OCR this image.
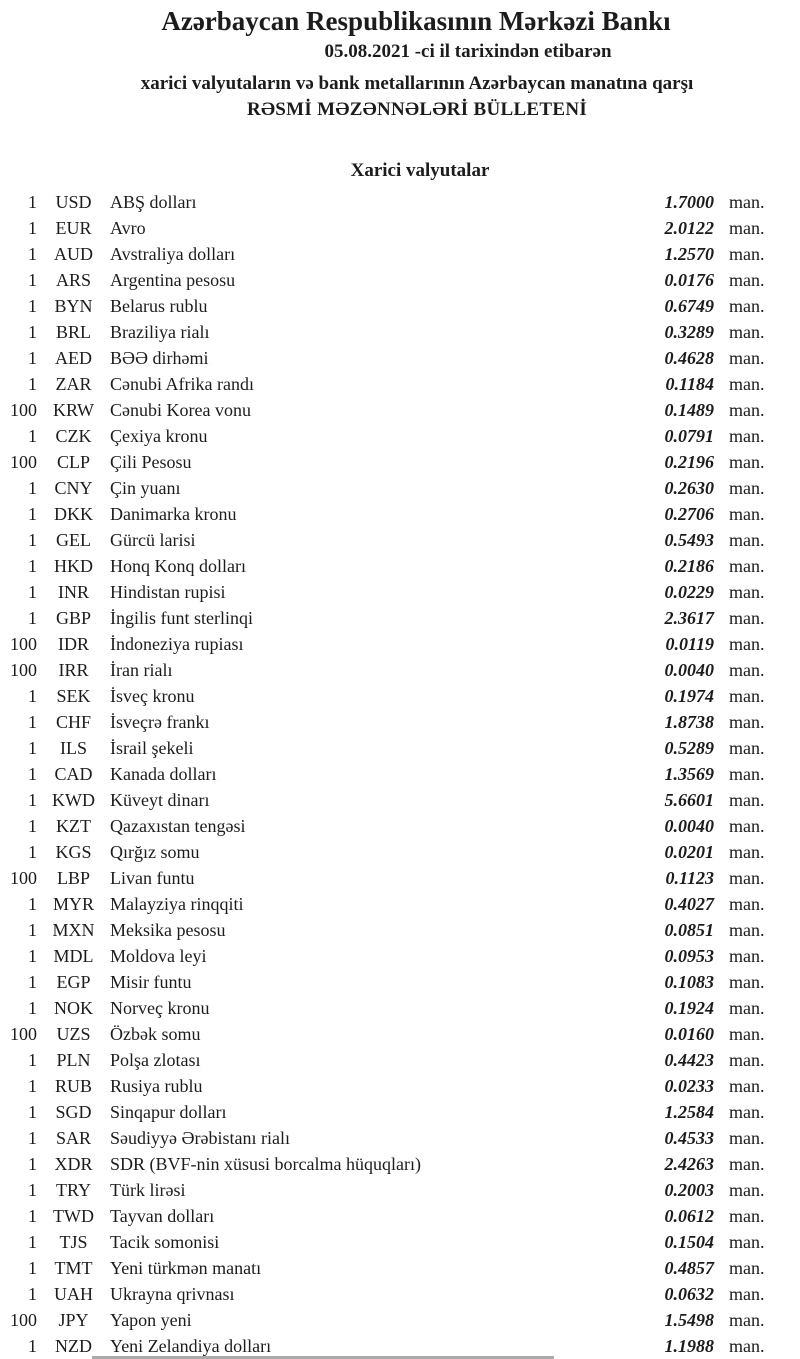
Azərbaycan Respublikasının Mərkəzi Bankı
05.08.2021 -ci il tarixindən etibarən
xarici valyutaların və bank metallarının Azərbaycan manatına qarşı
RƏSMİ MƏZƏNNƏLƏRİ BÜLLETENİ
Xarici valyutalar
1	USD	ABŞ dolları	1.7000 man.
1	EUR	Avro	2.0122 man.
1 AUD Avstraliya dolları	1.2570 man.
1	ARS	Argentina pesosu	0.0176 man.
1 BYN Belarus rublu	0.6749 man.
1	BRL	Braziliya rialı	0.3289 man.
1	AED	BƏƏ dirhəmi	0.4628 man.
1	ZAR	Cənubi Afrika randı	0.1184 man.
100 KRW Cənubi Korea vonu	0.1489 man.
1	CZK	Çexiya kronu	0.0791 man.
100	CLP	Çili Pesosu	0.2196 man.
1 CNY Çin yuanı	0.2630 man.
1 DKK Danimarka kronu	0.2706 man.
1	GEL	Gürcü larisi	0.5493 man.
1 HKD Honq Konq dolları	0.2186 man.
1	INR	Hindistan rupisi	0.0229 man.
1	GBP	İngilis funt sterlinqi	2.3617 man.
100	IDR	İndoneziya rupiası	0.0119 man.
100	IRR	İran rialı	0.0040 man.
1	SEK	İsveç kronu	0.1974 man.
1	CHF	İsveçrə frankı	1.8738 man.
1	ILS	İsrail şekeli	0.5289 man.
1 CAD Kanada dolları	1.3569 man.
1 KWD Küveyt dinarı	5.6601 man.
1	KZT	Qazaxıstan tengəsi	0.0040 man.
1	KGS	Qırğız somu	0.0201 man.
100	LBP	Livan funtu	0.1123 man.
1 MYR Malayziya rinqqiti	0.4027 man.
1 MXN Meksika pesosu	0.0851 man.
1 MDL Moldova leyi	0.0953 man.
1	EGP	Misir funtu	0.1083 man.
1 NOK Norveç kronu	0.1924 man.
100	UZS	Özbək somu	0.0160 man.
1	PLN	Polşa zlotası	0.4423 man.
1 RUB	Rusiya rublu	0.0233 man.
1	SGD	Sinqapur dolları	1.2584 man.
1	SAR	Səudiyyə Ərəbistanı rialı	0.4533 man.
1 XDR SDR (BVF-nin xüsusi borcalma hüquqları)	2.4263 man.
1	TRY	Türk lirəsi	0.2003 man.
1 TWD Tayvan dolları	0.0612 man.
1	TJS	Tacik somonisi	0.1504 man.
1 TMT Yeni türkmən manatı	0.4857 man.
1 UAH Ukrayna qrivnası	0.0632 man.
100	JPY	Yapon yeni	1.5498 man.
1	NZD	Yeni Zelandiya dolları	1.1988 man.
